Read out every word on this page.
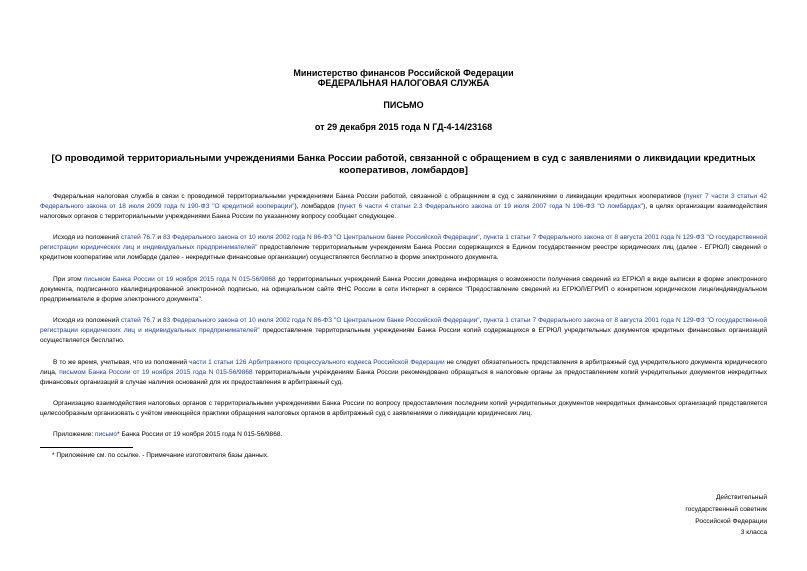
Министерство финансов Российской Федерации
ФЕДЕРАЛЬНАЯ НАЛОГОВАЯ СЛУЖБА
ПИСЬМО
от 29 декабря 2015 года N ГД-4-14/23168
[О проводимой территориальными учреждениями Банка России работой, связанной с обращением в суд с заявлениями о ликвидации кредитных кооперативов, ломбардов]

Федеральная налоговая служба в связи с проводимой территориальными учреждениями Банка России работой, связанной с обращением в суд с заявлениями о ликвидации кредитных кооперативов (пункт 7 части 3 статьи 42 Федерального закона от 18 июля 2009 года N 190-ФЗ "О кредитной кооперации"), ломбардов (пункт 6 части 4 статьи 2.3 Федерального закона от 19 июля 2007 года N 196-ФЗ "О ломбардах"), в целях организации взаимодействия налоговых органов с территориальными учреждениями Банка России по указанному вопросу сообщает следующее.

Исходя из положений статей 76.7 и 83 Федерального закона от 10 июля 2002 года N 86-ФЗ "О Центральном банке Российской Федерации", пункта 1 статьи 7 Федерального закона от 8 августа 2001 года N 129-ФЗ "О государственной регистрации юридических лиц и индивидуальных предпринимателей" предоставление территориальным учреждениям Банка России содержащихся в Едином государственном реестре юридических лиц (далее - ЕГРЮЛ) сведений о кредитном кооперативе или ломбарде (далее - некредитные финансовые организации) осуществляется бесплатно в форме электронного документа.

При этом письмом Банка России от 19 ноября 2015 года N 015-56/9868 до территориальных учреждений Банка России доведена информация о возможности получения сведений из ЕГРЮЛ в виде выписки в форме электронного документа, подписанного квалифицированной электронной подписью, на официальном сайте ФНС России в сети Интернет в сервисе "Предоставление сведений из ЕГРЮЛ/ЕГРИП о конкретном юридическом лице/индивидуальном предпринимателе в форме электронного документа".

Исходя из положений статей 76.7 и 83 Федерального закона от 10 июля 2002 года N 86-ФЗ "О Центральном банке Российской Федерации", пункта 1 статьи 7 Федерального закона от 8 августа 2001 года N 129-ФЗ "О государственной регистрации юридических лиц и индивидуальных предпринимателей" предоставление территориальным учреждениям Банка России копий содержащихся в ЕГРЮЛ учредительных документов кредитных финансовых организаций осуществляется бесплатно.

В то же время, учитывая, что из положений части 1 статьи 126 Арбитражного процессуального кодекса Российской Федерации не следует обязательность представления в арбитражный суд учредительного документа юридического лица, письмом Банка России от 19 ноября 2015 года N 015-56/9868 территориальным учреждениям Банка России рекомендовано обращаться в налоговые органы за предоставлением копий учредительных документов некредитных финансовых организаций в случае наличия оснований для их предоставления в арбитражный суд.

Организацию взаимодействия налоговых органов с территориальными учреждениями Банка России по вопросу предоставления последним копий учредительных документов некредитных финансовых организаций представляется целесообразным организовать с учётом имеющейся практики обращения налоговых органов в арбитражный суд с заявлениями о ликвидации юридических лиц.

Приложение: письмо* Банка России от 19 ноября 2015 года N 015-56/9868.

* Приложение см. по ссылке. - Примечание изготовителя базы данных.
Действительный
государственный советник
Российской Федерации
3 класса
